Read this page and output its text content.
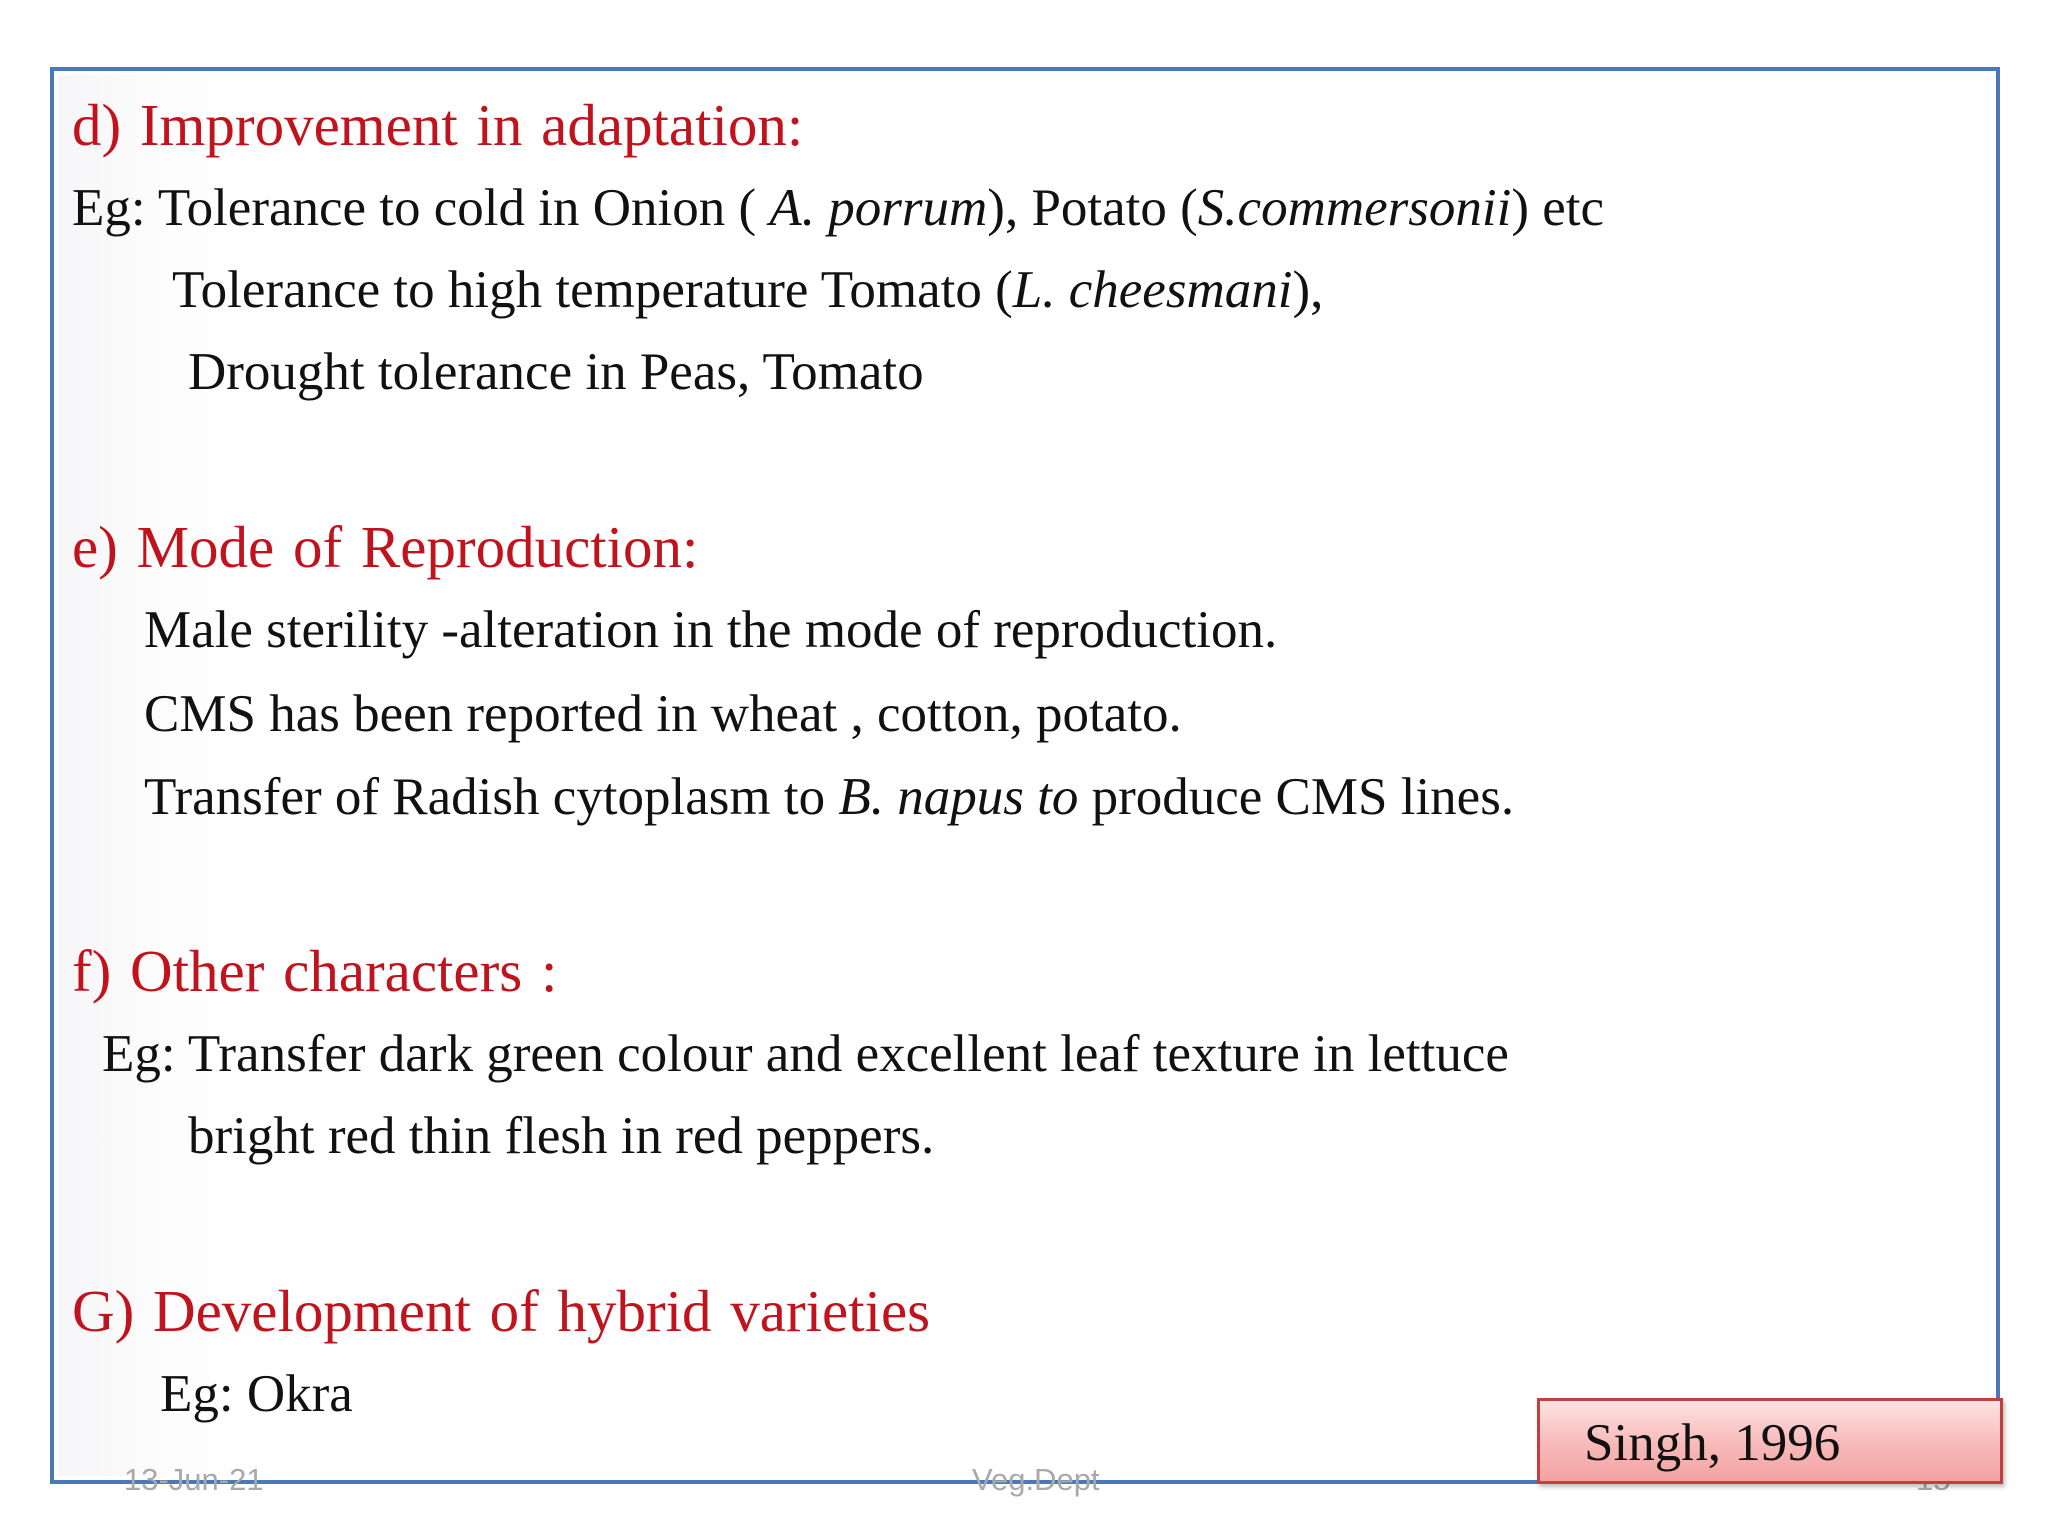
d) Improvement in adaptation:
Eg: Tolerance to cold in Onion ( A. porrum), Potato (S.commersonii) etc
Tolerance to high temperature Tomato (L. cheesmani),
Drought tolerance in Peas, Tomato
e) Mode of Reproduction:
Male sterility -alteration in the mode of reproduction.
CMS has been reported in wheat , cotton, potato.
Transfer of Radish cytoplasm to B. napus to produce CMS lines.
f) Other characters :
Eg: Transfer dark green colour and excellent leaf texture in lettuce
bright red thin flesh in red peppers.
G) Development of hybrid varieties
Eg: Okra
13-Jun-21	Veg.Dept
Singh, 1996
